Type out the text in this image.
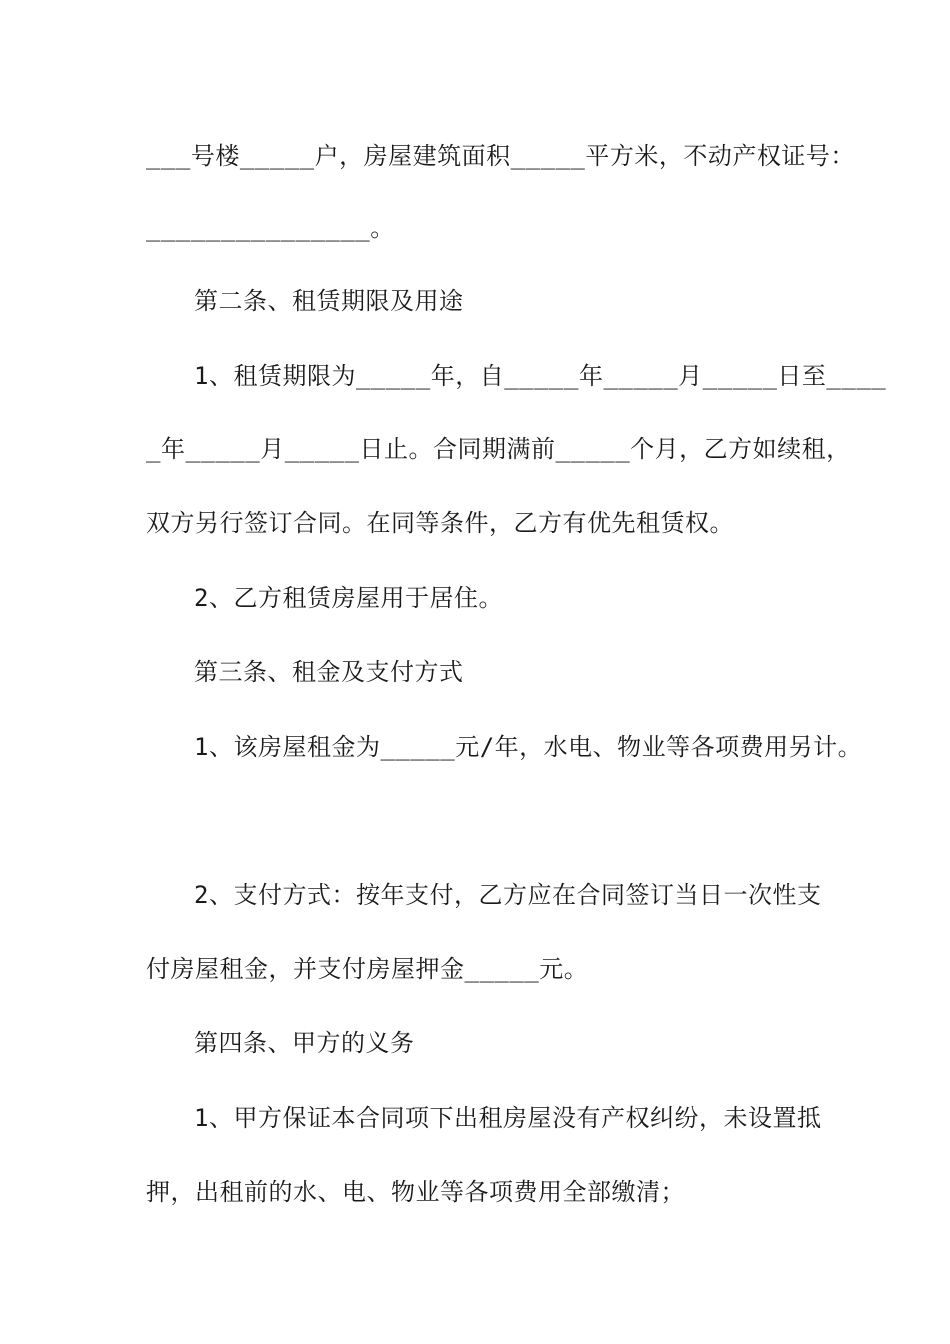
___号楼_____户，房屋建筑面积_____平方米，不动产权证号：
_______________。
第二条、租赁期限及用途
1、租赁期限为_____年，自_____年_____月_____日至____
_年_____月_____日止。合同期满前_____个月，乙方如续租，
双方另行签订合同。在同等条件，乙方有优先租赁权。
2、乙方租赁房屋用于居住。
第三条、租金及支付方式
1、该房屋租金为_____元/年，水电、物业等各项费用另计。
2、支付方式：按年支付，乙方应在合同签订当日一次性支
付房屋租金，并支付房屋押金_____元。
第四条、甲方的义务
1、甲方保证本合同项下出租房屋没有产权纠纷，未设置抵
押，出租前的水、电、物业等各项费用全部缴清；
